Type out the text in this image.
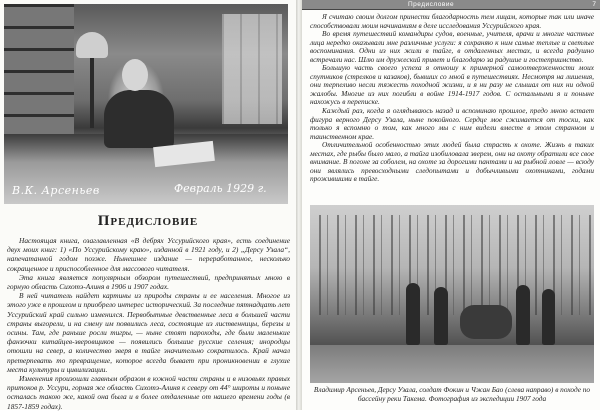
В.К. Арсеньев	Февраль 1929 г.
Предисловие

Настоящая книга, озаглавленная «В дебрях Уссурийского края», есть соединение двух моих книг: 1) «По Уссурийскому краю», изданной в 1921 году, и 2) „Дерсу Узала“, напечатанной годом позже. Нынешнее издание — переработанное, несколько сокращенное и приспособленное для массового читателя.

Эта книга является популярным обзором путешествий, предпринятых мною в горную область Сихотэ-Алиня в 1906 и 1907 годах.

В ней читатель найдет картины из природы страны и ее населения. Многое из этого уже в прошлом и приобрело интерес исторический. За последние пятнадцать лет Уссурийский край сильно изменился. Первобытные девственные леса в большей части страны выгорели, и на смену им появились леса, состоящие из лиственницы, березы и осины. Там, где раньше росли тигры, — ныне стоят пароходы, где были маленькие фанзочки китайцев-зверовщиков — появились большие русские селения; инородцы отошли на север, а количество зверя в тайге значительно сократилось. Край начал претерпевать то превращение, которое всегда бывает при проникновении в глухие места культуры и цивилизации.

Изменения произошли главным образом в южной части страны и в низовьях правых притоков р. Уссури, горная же область Сихотэ-Алиня к северу от 44° широты и поныне осталась такою же, какой она была и в более отдаленные от нашего времени годы (в 1857-1859 годах).

Предисловие	7

Я считаю своим долгом принести благодарность тем лицам, которые так или иначе способствовали моим начинаниям в деле исследования Уссурийского края.

Во время путешествий командиры судов, военные, учителя, врачи и многие частные лица нередко оказывали мне различные услуги: я сохраняю к ним самые теплые и светлые воспоминания. Одни из них жили в тайге, в отдаленных местах, и всегда радушно встречали нас. Шлю им дружеский привет и благодарю за радушие и гостеприимство.

Большую часть своего успеха я отношу к примерной самоотверженности моих спутников (стрелков и казаков), бывших со мной в путешествиях. Несмотря на лишения, они терпеливо несли тяжесть походной жизни, и я ни разу не слышал от них ни одной жалобы. Многие из них погибли в войне 1914-1917 годов. С остальными я и поныне нахожусь в переписке.

Каждый раз, когда я оглядываюсь назад и вспоминаю прошлое, предо мною встает фигура верного Дерсу Узала, ныне покойного. Сердце мое сжимается от тоски, как только я вспомню о том, как много мы с ним видели вместе в этом странном и таинственном крае.

Отличительной особенностью этих людей была страсть к охоте. Жизнь в таких местах, где рыбы было мало, а тайга изобиловала зверем, они на охоту обратили все свое внимание. В погоне за соболем, на охоте за дорогими пантами и на рыбной ловле — всюду они являлись превосходными следопытами и добычливыми охотниками, годами прожившими в тайге.

Владимир Арсеньев, Дерсу Узала, солдат Фокин и Чжан Бао (слева направо) в походе по бассейну реки Такема. Фотография из экспедиции 1907 года
